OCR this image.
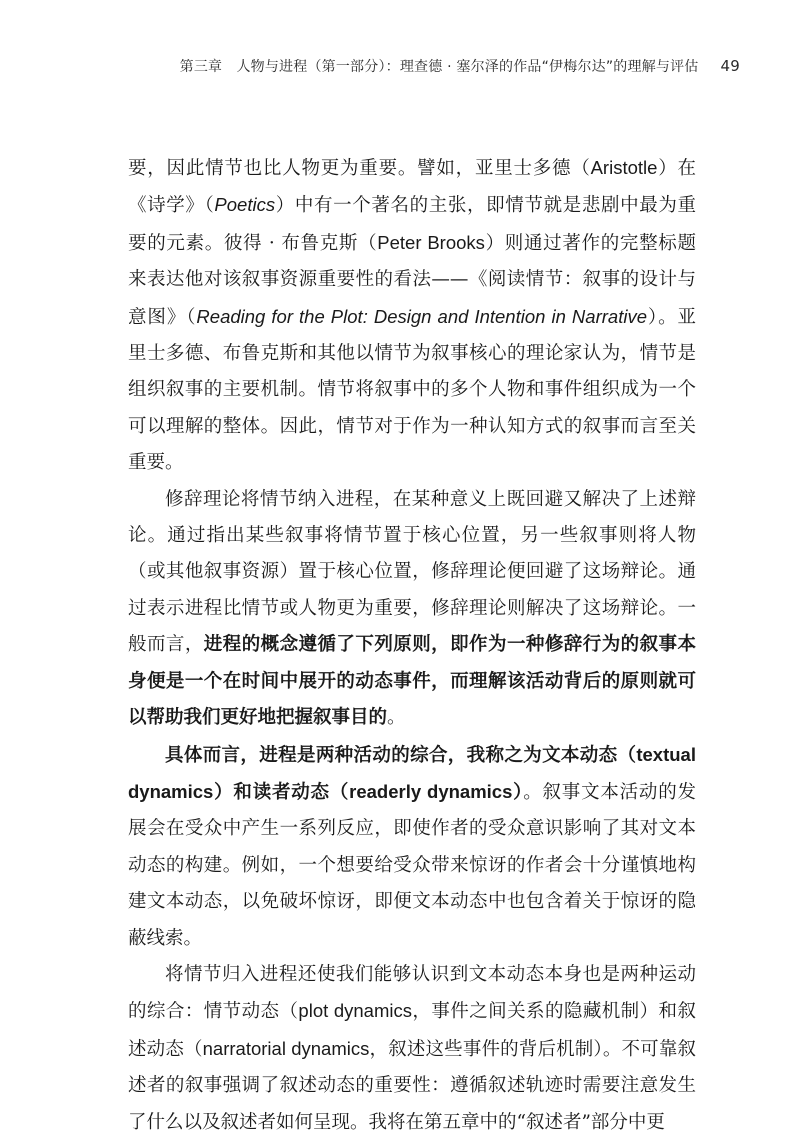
第三章　人物与进程（第一部分）：理查德 · 塞尔泽的作品“伊梅尔达”的理解与评估 49

要，因此情节也比人物更为重要。譬如，亚里士多德（Aristotle）在《诗学》（Poetics）中有一个著名的主张，即情节就是悲剧中最为重要的元素。彼得 · 布鲁克斯（Peter Brooks）则通过著作的完整标题来表达他对该叙事资源重要性的看法——《阅读情节：叙事的设计与意图》（Reading for the Plot: Design and Intention in Narrative）。亚里士多德、布鲁克斯和其他以情节为叙事核心的理论家认为，情节是组织叙事的主要机制。情节将叙事中的多个人物和事件组织成为一个可以理解的整体。因此，情节对于作为一种认知方式的叙事而言至关重要。

修辞理论将情节纳入进程，在某种意义上既回避又解决了上述辩论。通过指出某些叙事将情节置于核心位置，另一些叙事则将人物（或其他叙事资源）置于核心位置，修辞理论便回避了这场辩论。通过表示进程比情节或人物更为重要，修辞理论则解决了这场辩论。一般而言，进程的概念遵循了下列原则，即作为一种修辞行为的叙事本身便是一个在时间中展开的动态事件，而理解该活动背后的原则就可以帮助我们更好地把握叙事目的。

具体而言，进程是两种活动的综合，我称之为文本动态（textual dynamics）和读者动态（readerly dynamics）。叙事文本活动的发展会在受众中产生一系列反应，即使作者的受众意识影响了其对文本动态的构建。例如，一个想要给受众带来惊讶的作者会十分谨慎地构建文本动态，以免破坏惊讶，即便文本动态中也包含着关于惊讶的隐蔽线索。

将情节归入进程还使我们能够认识到文本动态本身也是两种运动的综合：情节动态（plot dynamics，事件之间关系的隐藏机制）和叙述动态（narratorial dynamics，叙述这些事件的背后机制）。不可靠叙述者的叙事强调了叙述动态的重要性：遵循叙述轨迹时需要注意发生了什么以及叙述者如何呈现。我将在第五章中的“叙述者”部分中更
